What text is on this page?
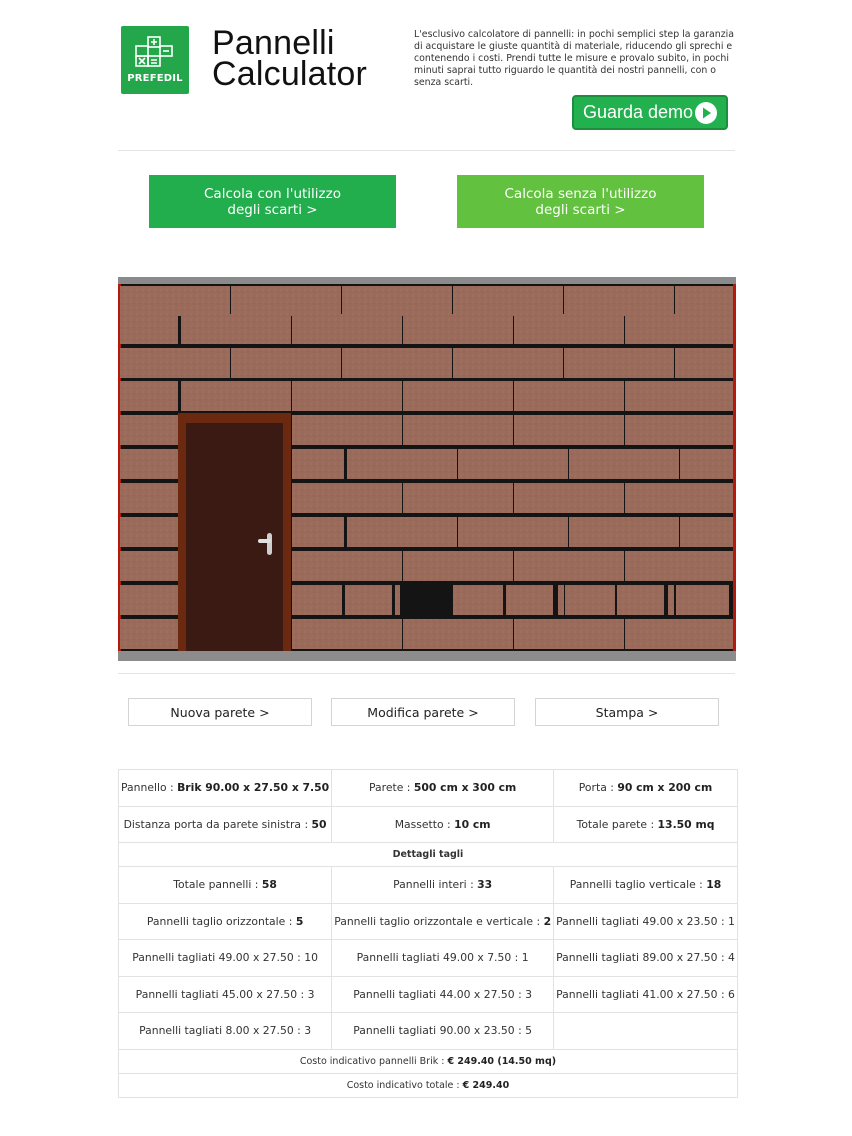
PREFEDIL
Pannelli
Calculator
L'esclusivo calcolatore di pannelli: in pochi semplici step la garanzia di acquistare le giuste quantità di materiale, riducendo gli sprechi e contenendo i costi. Prendi tutte le misure e provalo subito, in pochi minuti saprai tutto riguardo le quantità dei nostri pannelli, con o senza scarti.
Guarda demo
Calcola con l'utilizzo degli scarti >
Calcola senza l'utilizzo degli scarti >
Nuova parete >	Modifica parete >	Stampa >
Pannello : Brik 90.00 x 27.50 x 7.50	Parete : 500 cm x 300 cm	Porta : 90 cm x 200 cm
Distanza porta da parete sinistra : 50	Massetto : 10 cm	Totale parete : 13.50 mq
Dettagli tagli		
Totale pannelli : 58	Pannelli interi : 33	Pannelli taglio verticale : 18
Pannelli taglio orizzontale : 5	Pannelli taglio orizzontale e verticale : 2	Pannelli tagliati 49.00 x 23.50 : 1
Pannelli tagliati 49.00 x 27.50 : 10	Pannelli tagliati 49.00 x 7.50 : 1	Pannelli tagliati 89.00 x 27.50 : 4
Pannelli tagliati 45.00 x 27.50 : 3	Pannelli tagliati 44.00 x 27.50 : 3	Pannelli tagliati 41.00 x 27.50 : 6
Pannelli tagliati 8.00 x 27.50 : 3	Pannelli tagliati 90.00 x 23.50 : 5	
Costo indicativo pannelli Brik : € 249.40 (14.50 mq)		
Costo indicativo totale : € 249.40		
